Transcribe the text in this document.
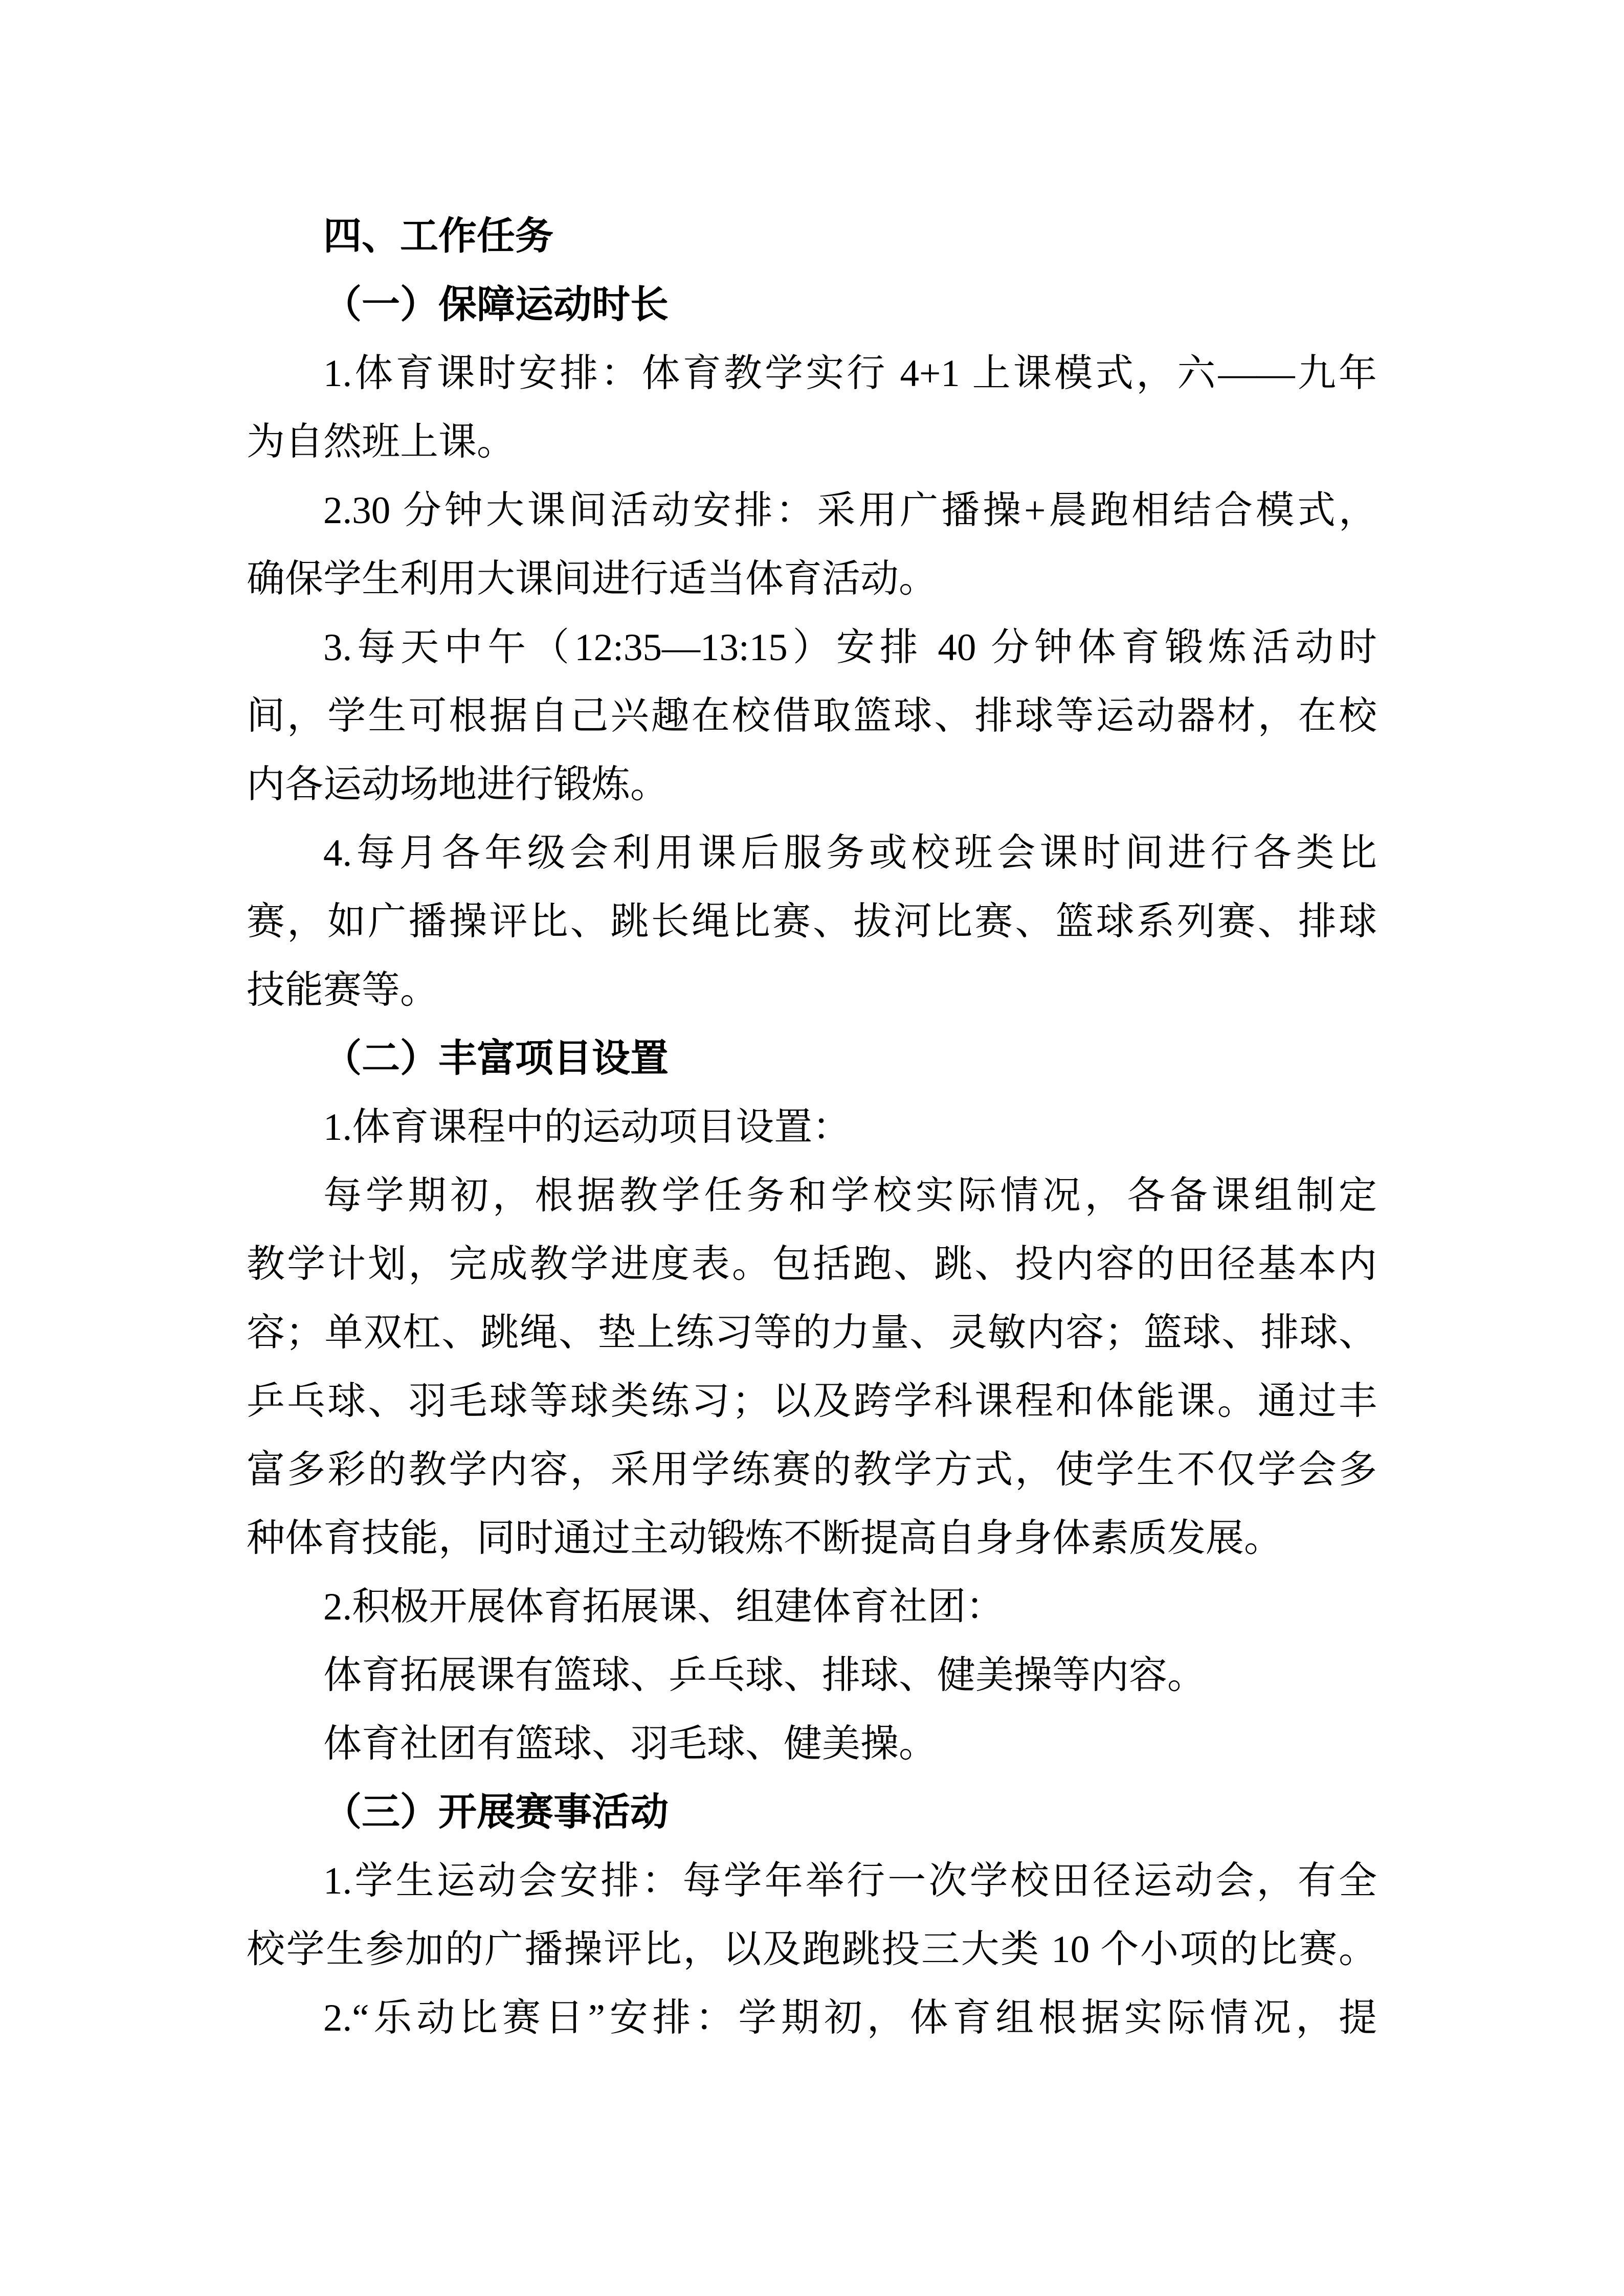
四、工作任务
（一）保障运动时长
1.体育课时安排：体育教学实行 4+1 上课模式，六——九年
为自然班上课。
2.30 分钟大课间活动安排：采用广播操+晨跑相结合模式，
确保学生利用大课间进行适当体育活动。
3.每天中午（12:35—13:15）安排 40 分钟体育锻炼活动时
间，学生可根据自己兴趣在校借取篮球、排球等运动器材，在校
内各运动场地进行锻炼。
4.每月各年级会利用课后服务或校班会课时间进行各类比
赛，如广播操评比、跳长绳比赛、拔河比赛、篮球系列赛、排球
技能赛等。
（二）丰富项目设置
1.体育课程中的运动项目设置：
每学期初，根据教学任务和学校实际情况，各备课组制定
教学计划，完成教学进度表。包括跑、跳、投内容的田径基本内
容；单双杠、跳绳、垫上练习等的力量、灵敏内容；篮球、排球、
乒乓球、羽毛球等球类练习；以及跨学科课程和体能课。通过丰
富多彩的教学内容，采用学练赛的教学方式，使学生不仅学会多
种体育技能，同时通过主动锻炼不断提高自身身体素质发展。
2.积极开展体育拓展课、组建体育社团：
体育拓展课有篮球、乒乓球、排球、健美操等内容。
体育社团有篮球、羽毛球、健美操。
（三）开展赛事活动
1.学生运动会安排：每学年举行一次学校田径运动会，有全
校学生参加的广播操评比，以及跑跳投三大类 10 个小项的比赛。
2.“乐动比赛日”安排：学期初，体育组根据实际情况，提
